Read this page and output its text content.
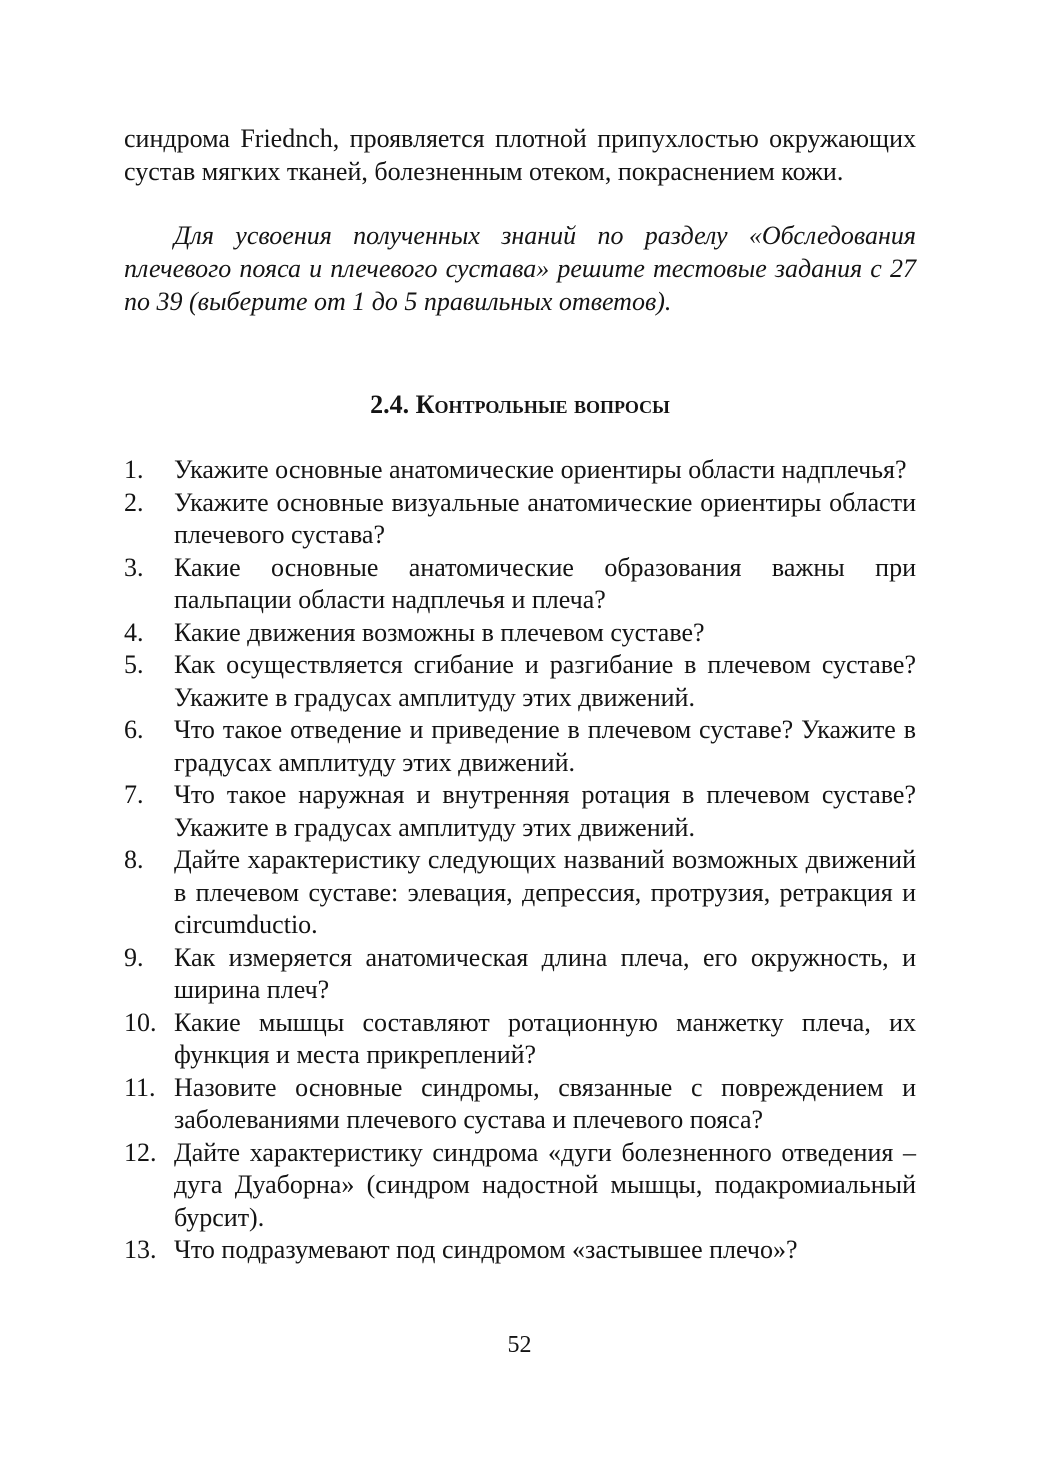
синдрома Friednch, проявляется плотной припухлостью окружающих сустав мягких тканей, болезненным отеком, покраснением кожи.

Для усвоения полученных знаний по разделу «Обследования плечевого пояса и плечевого сустава» решите тестовые задания с 27 по 39 (выберите от 1 до 5 правильных ответов).

2.4. Контрольные вопросы
1.	Укажите основные анатомические ориентиры области надплечья?
2.	Укажите основные визуальные анатомические ориентиры области плечевого сустава?
3.	Какие основные анатомические образования важны при пальпации области надплечья и плеча?
4.	Какие движения возможны в плечевом суставе?
5.	Как осуществляется сгибание и разгибание в плечевом суставе? Укажите в градусах амплитуду этих движений.
6.	Что такое отведение и приведение в плечевом суставе? Укажите в градусах амплитуду этих движений.
7.	Что такое наружная и внутренняя ротация в плечевом суставе? Укажите в градусах амплитуду этих движений.
8.	Дайте характеристику следующих названий возможных движений в плечевом суставе: элевация, депрессия, протрузия, ретракция и circumductio.
9.	Как измеряется анатомическая длина плеча, его окружность, и ширина плеч?
10. Какие мышцы составляют ротационную манжетку плеча, их функция и места прикреплений?
11. Назовите основные синдромы, связанные с повреждением и заболеваниями плечевого сустава и плечевого пояса?
12. Дайте характеристику синдрома «дуги болезненного отведения – дуга Дуаборна» (синдром надостной мышцы, подакромиальный бурсит).
13. Что подразумевают под синдромом «застывшее плечо»?
52
